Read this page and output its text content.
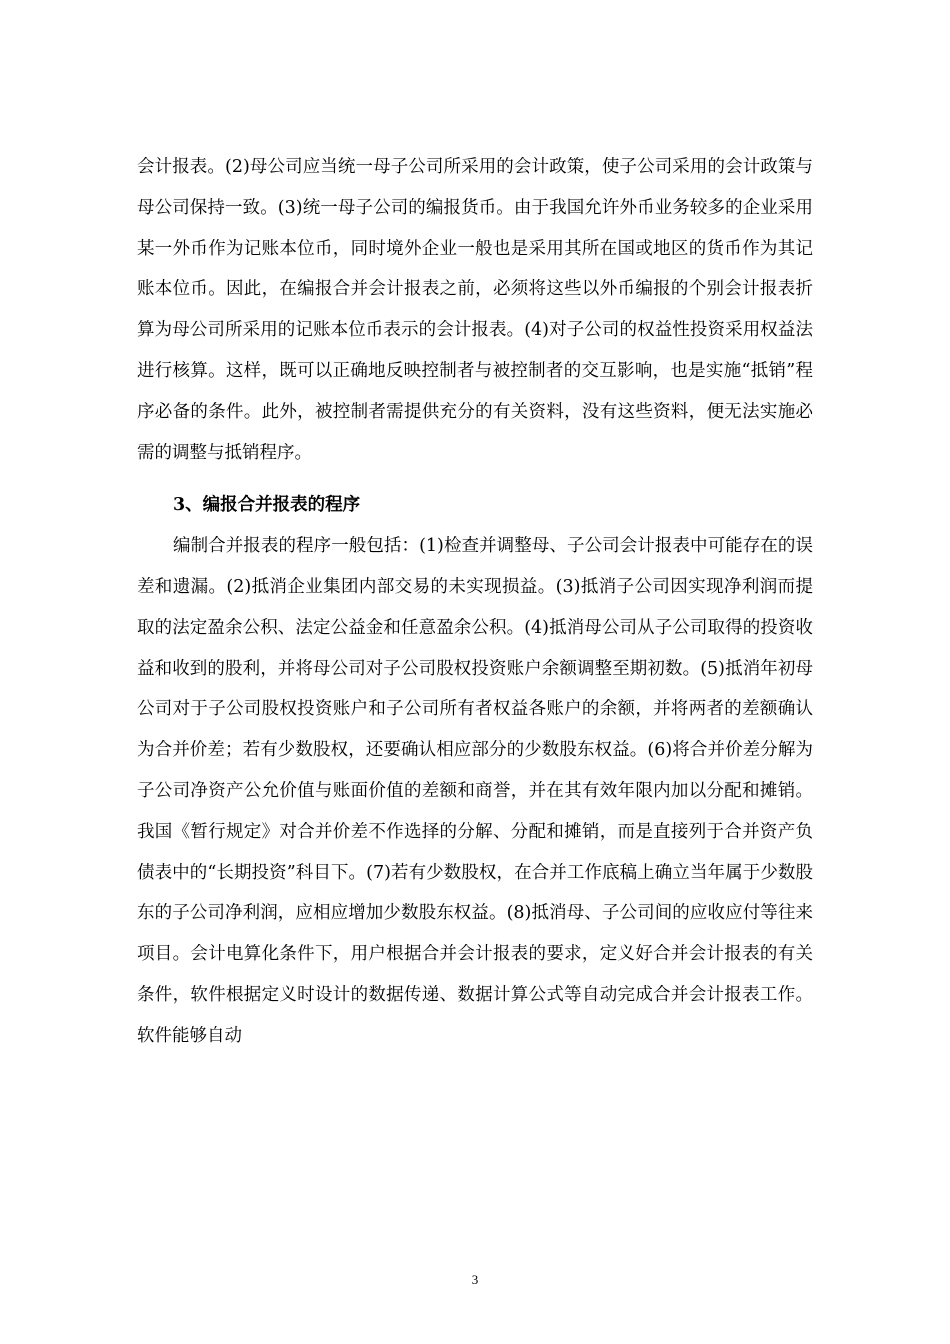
会计报表。(2)母公司应当统一母子公司所采用的会计政策，使子公司采用的会计政策与母公司保持一致。(3)统一母子公司的编报货币。由于我国允许外币业务较多的企业采用某一外币作为记账本位币，同时境外企业一般也是采用其所在国或地区的货币作为其记账本位币。因此，在编报合并会计报表之前，必须将这些以外币编报的个别会计报表折算为母公司所采用的记账本位币表示的会计报表。(4)对子公司的权益性投资采用权益法进行核算。这样，既可以正确地反映控制者与被控制者的交互影响，也是实施“抵销”程序必备的条件。此外，被控制者需提供充分的有关资料，没有这些资料，便无法实施必需的调整与抵销程序。

3、编报合并报表的程序

编制合并报表的程序一般包括：(1)检查并调整母、子公司会计报表中可能存在的误差和遗漏。(2)抵消企业集团内部交易的未实现损益。(3)抵消子公司因实现净利润而提取的法定盈余公积、法定公益金和任意盈余公积。(4)抵消母公司从子公司取得的投资收益和收到的股利，并将母公司对子公司股权投资账户余额调整至期初数。(5)抵消年初母公司对于子公司股权投资账户和子公司所有者权益各账户的余额，并将两者的差额确认为合并价差；若有少数股权，还要确认相应部分的少数股东权益。(6)将合并价差分解为子公司净资产公允价值与账面价值的差额和商誉，并在其有效年限内加以分配和摊销。我国《暂行规定》对合并价差不作选择的分解、分配和摊销，而是直接列于合并资产负债表中的“长期投资”科目下。(7)若有少数股权，在合并工作底稿上确立当年属于少数股东的子公司净利润，应相应增加少数股东权益。(8)抵消母、子公司间的应收应付等往来项目。会计电算化条件下，用户根据合并会计报表的要求，定义好合并会计报表的有关条件，软件根据定义时设计的数据传递、数据计算公式等自动完成合并会计报表工作。软件能够自动

3
